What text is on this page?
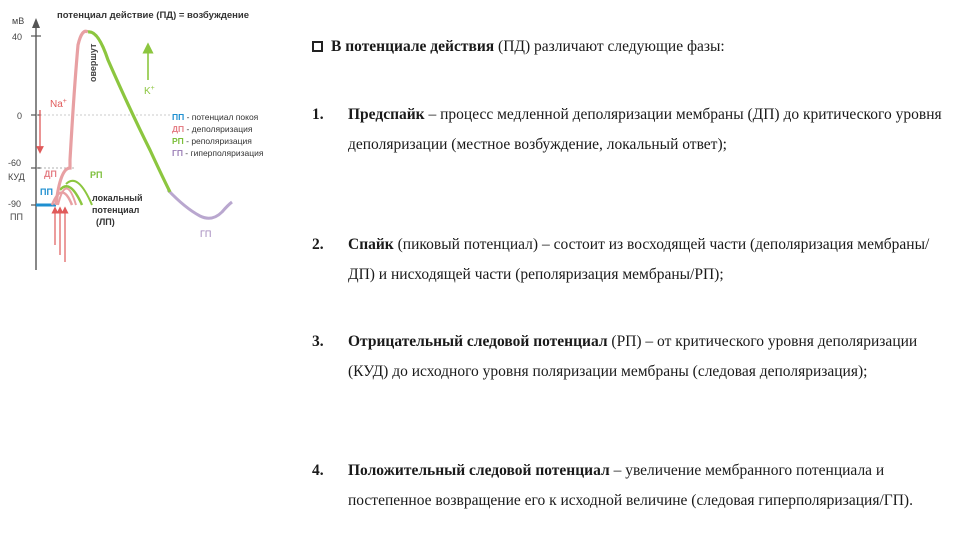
потенциал действие (ПД) = возбуждение
мВ
40
0
-60
КУД
-90
ПП
Na+
K+
овершут
ПП - потенциал покоя
ДП - деполяризация
РП - реполяризация
ГП - гиперполяризация
ДП	РП
ПП
ГП
локальный
потенциал
(ЛП)
В потенциале действия (ПД) различают следующие фазы:
1. Предспайк – процесс медленной деполяризации мембраны (ДП) до критического уровня деполяризации (местное возбуждение, локальный ответ);
2. Спайк (пиковый потенциал) – состоит из восходящей части (деполяризация мембраны/ДП) и нисходящей части (реполяризация мембраны/РП);
3. Отрицательный следовой потенциал (РП) – от критического уровня деполяризации (КУД) до исходного уровня поляризации мембраны (следовая деполяризация);
4. Положительный следовой потенциал – увеличение мембранного потенциала и постепенное возвращение его к исходной величине (следовая гиперполяризация/ГП).
